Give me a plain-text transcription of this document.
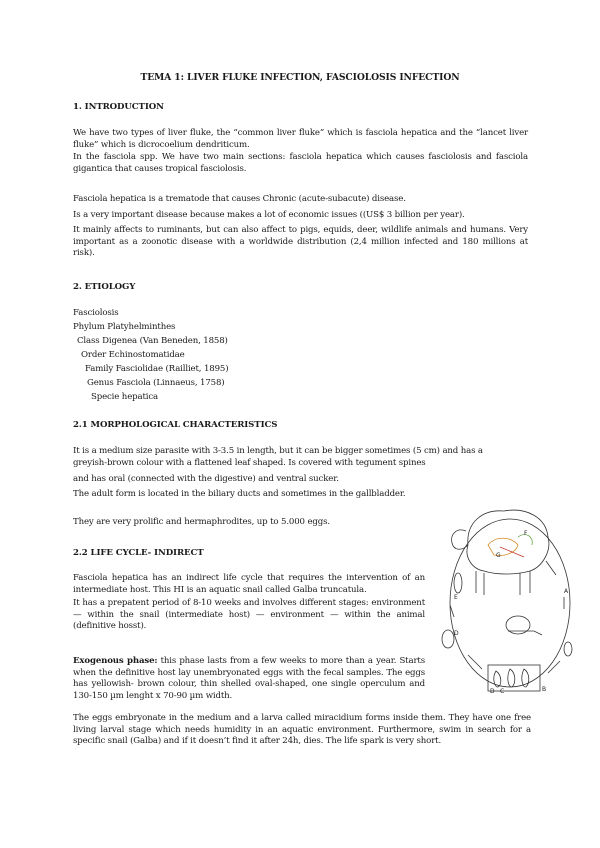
TEMA 1: LIVER FLUKE INFECTION, FASCIOLOSIS INFECTION
1. INTRODUCTION

We have two types of liver fluke, the “common liver fluke” which is fasciola hepatica and the “lancet liver fluke” which is dicrocoelium dendriticum.

In the fasciola spp. We have two main sections: fasciola hepatica which causes fasciolosis and fasciola gigantica that causes tropical fasciolosis.

Fasciola hepatica is a trematode that causes Chronic (acute-subacute) disease.

Is a very important disease because makes a lot of economic issues ((US$ 3 billion per year).

It mainly affects to ruminants, but can also affect to pigs, equids, deer, wildlife animals and humans. Very important as a zoonotic disease with a worldwide distribution (2,4 million infected and 180 millions at risk).

2. ETIOLOGY
Fasciolosis
Phylum Platyhelminthes
Class Digenea (Van Beneden, 1858)
Order Echinostomatidae
Family Fasciolidae (Railliet, 1895)
Genus Fasciola (Linnaeus, 1758)
Specie hepatica
2.1 MORPHOLOGICAL CHARACTERISTICS
It is a medium size parasite with 3-3.5 in length, but it can be bigger sometimes (5 cm) and has a
greyish-brown colour with a flattened leaf shaped. Is covered with tegument spines
and has oral (connected with the digestive) and ventral sucker.

The adult form is located in the biliary ducts and sometimes in the gallbladder.

They are very prolific and hermaphrodites, up to 5.000 eggs.
2.2 LIFE CYCLE- INDIRECT

Fasciola hepatica has an indirect life cycle that requires the intervention of an intermediate host. This HI is an aquatic snail called Galba truncatula.

It has a prepatent period of 8-10 weeks and involves different stages: environment — within the snail (intermediate host) — environment — within the animal (definitive hosst).

Exogenous phase: this phase lasts from a few weeks to more than a year. Starts when the definitive host lay unembryonated eggs with the fecal samples. The eggs has yellowish- brown colour, thin shelled oval-shaped, one single operculum and 130-150 µm lenght x 70-90 µm width.

The eggs embryonate in the medium and a larva called miracidium forms inside them. They have one free living larval stage which needs humidity in an aquatic environment. Furthermore, swim in search for a specific snail (Galba) and if it doesn’t find it after 24h, dies. The life spark is very short.

F
G
A
B
C
D
E
D
